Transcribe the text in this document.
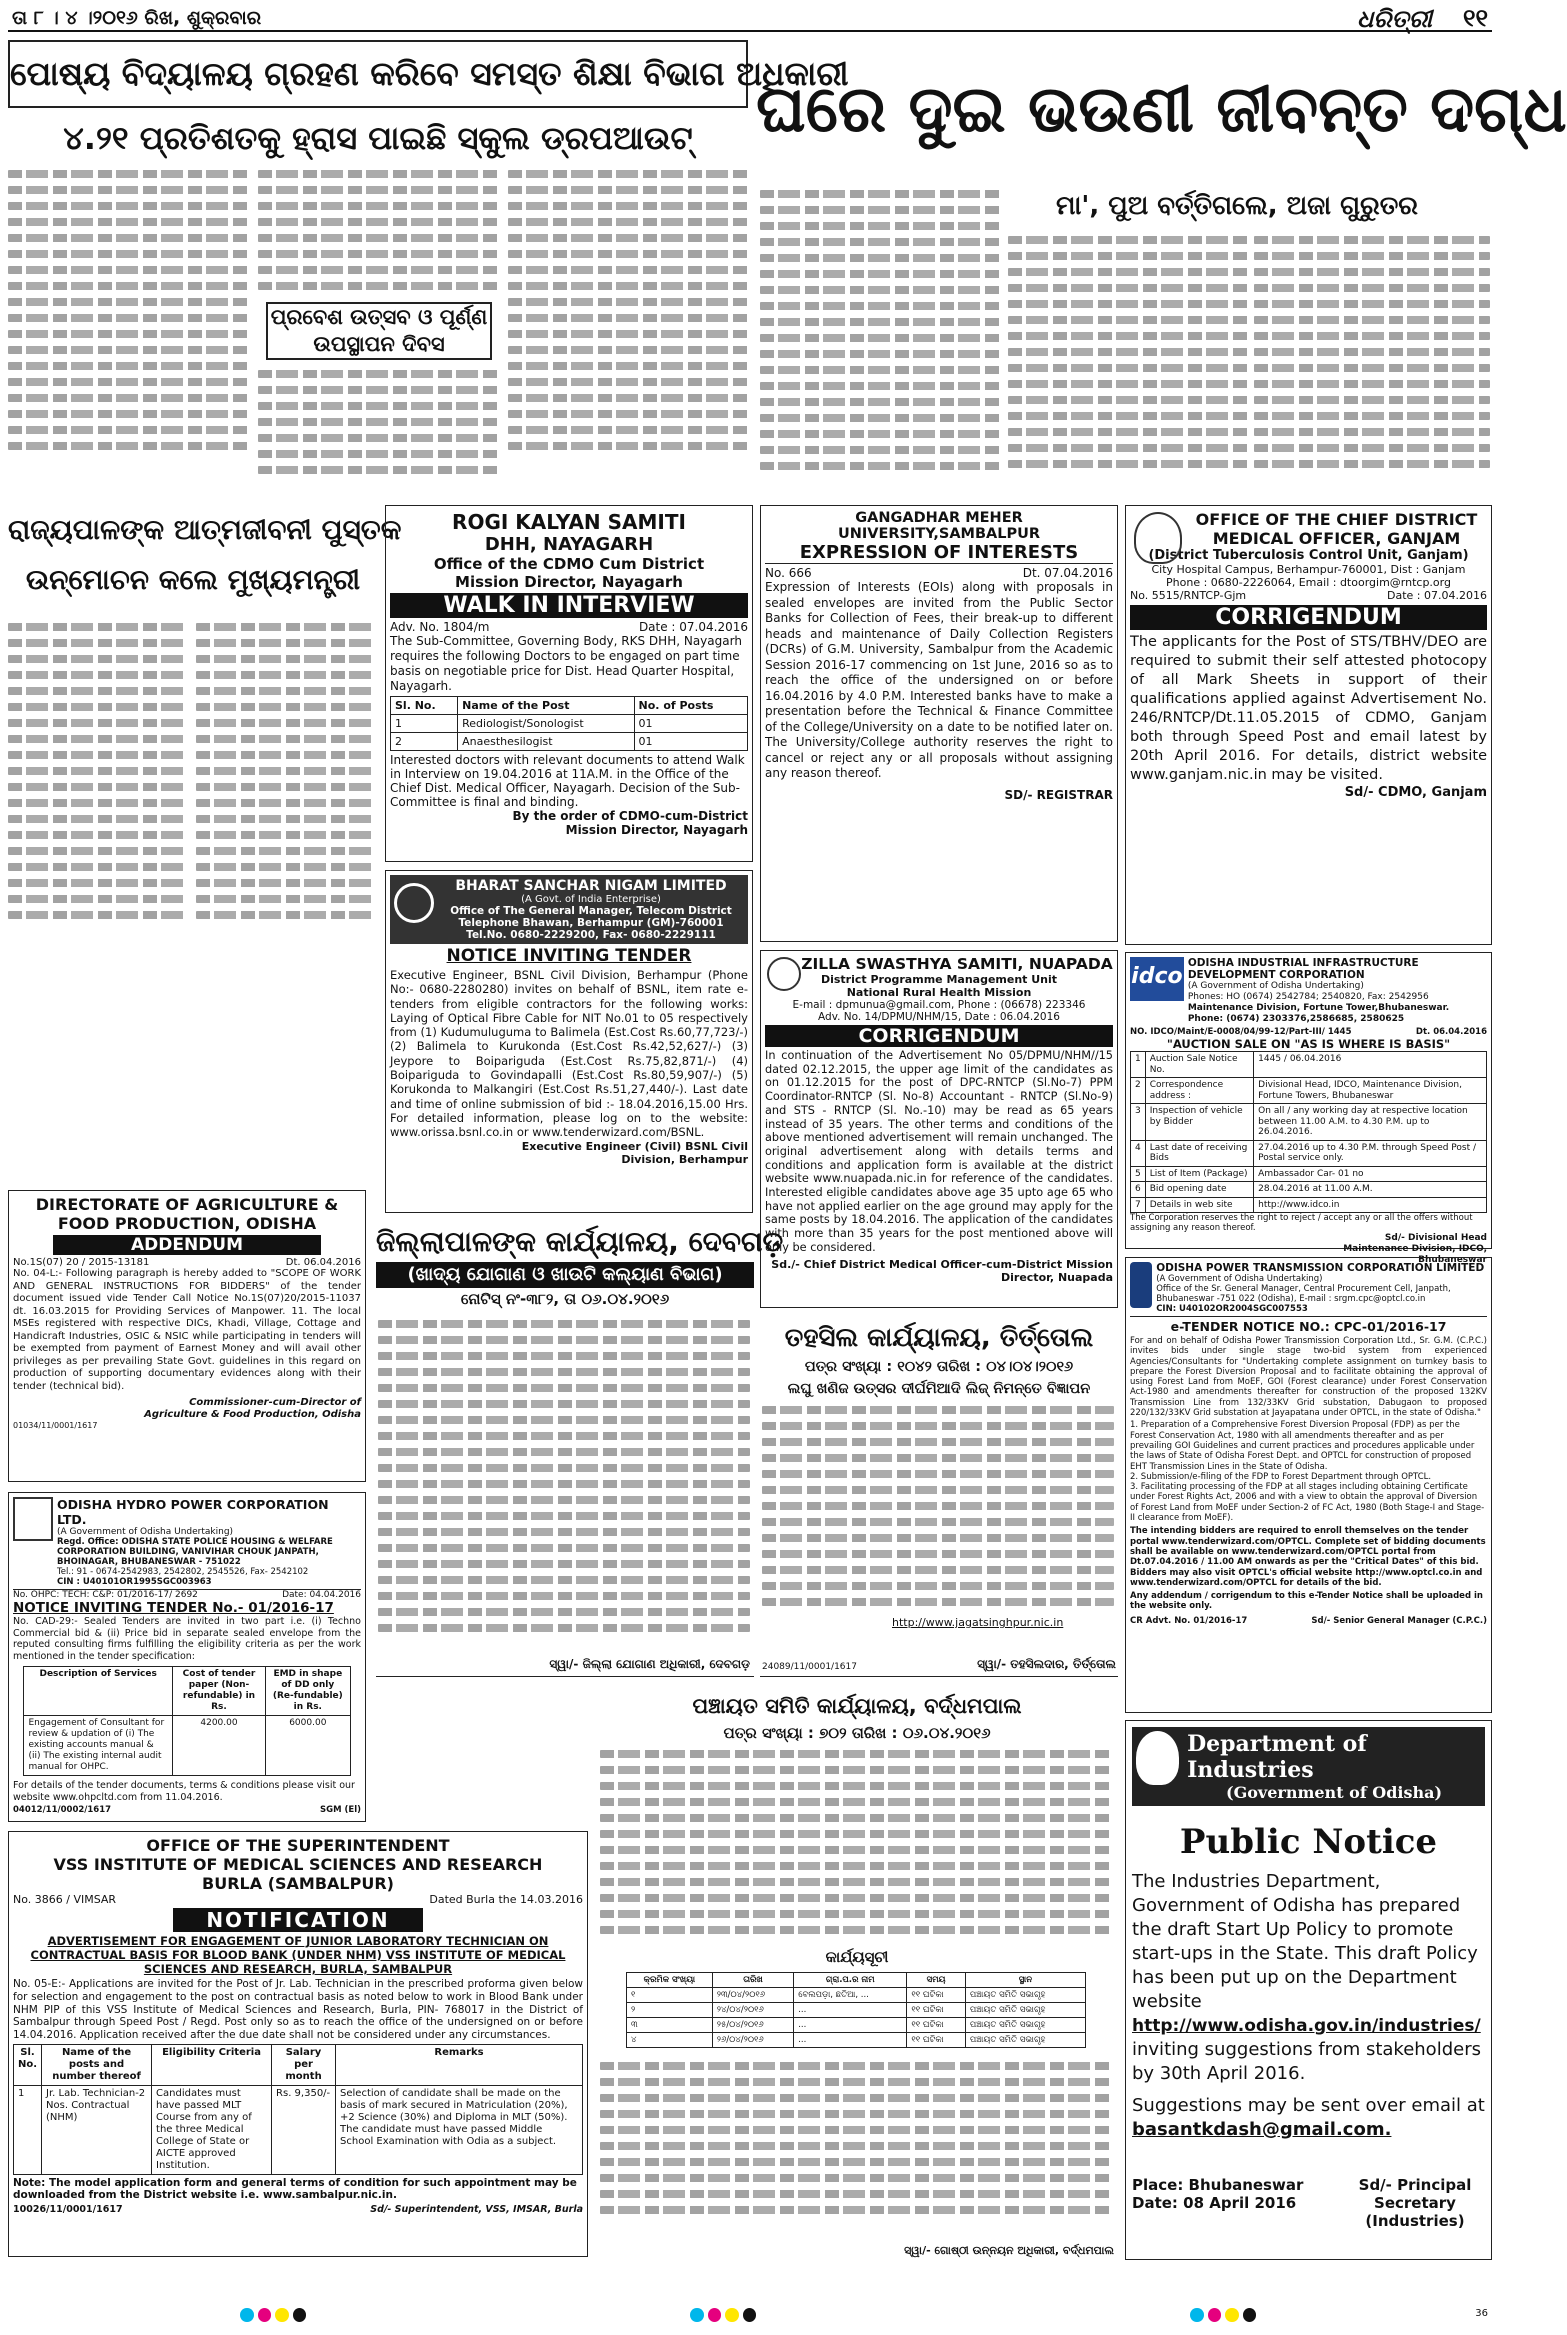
ତା ୮ । ୪ ।୨୦୧୬ ରିଖ, ଶୁକ୍ରବାର	ଧରିତ୍ରୀ ୧୧
ପୋଷ୍ୟ ବିଦ୍ୟାଳୟ ଗ୍ରହଣ କରିବେ ସମସ୍ତ ଶିକ୍ଷା ବିଭାଗ ଅଧିକାରୀ
୪.୨୧ ପ୍ରତିଶତକୁ ହ୍ରାସ ପାଇଛି ସ୍କୁଲ ଡ୍ରପଆଉଟ୍
ପ୍ରବେଶ ଉତ୍ସବ ଓ ପୂର୍ଣ୍ଣ ଉପସ୍ଥାପନ ଦିବସ
ଘରେ ଦୁଇ ଭଉଣୀ ଜୀବନ୍ତ ଦଗ୍ଧ
ମା', ପୁଅ ବର୍ତ୍ତିଗଲେ, ଅଜା ଗୁରୁତର
ରାଜ୍ୟପାଳଙ୍କ ଆତ୍ମଜୀବନୀ ପୁସ୍ତକ
ଉନ୍ମୋଚନ କଲେ ମୁଖ୍ୟମନ୍ତ୍ରୀ
ROGI KALYAN SAMITI
DHH, NAYAGARH
Office of the CDMO Cum District Mission Director, Nayagarh
WALK IN INTERVIEW
Adv. No. 1804/m	Date : 07.04.2016
The Sub-Committee, Governing Body, RKS DHH, Nayagarh requires the following Doctors to be engaged on part time basis on negotiable price for Dist. Head Quarter Hospital, Nayagarh.
Sl. No.	Name of the Post	No. of Posts
1	Rediologist/Sonologist	01
2	Anaesthesilogist	01
Interested doctors with relevant documents to attend Walk in Interview on 19.04.2016 at 11A.M. in the Office of the Chief Dist. Medical Officer, Nayagarh. Decision of the Sub-Committee is final and binding.
By the order of CDMO-cum-District Mission Director, Nayagarh
GANGADHAR MEHER UNIVERSITY,SAMBALPUR
EXPRESSION OF INTERESTS
No. 666	Dt. 07.04.2016
Expression of Interests (EOIs) along with proposals in sealed envelopes are invited from the Public Sector Banks for Collection of Fees, their break-up to different heads and maintenance of Daily Collection Registers (DCRs) of G.M. University, Sambalpur from the Academic Session 2016-17 commencing on 1st June, 2016 so as to reach the office of the undersigned on or before 16.04.2016 by 4.0 P.M. Interested banks have to make a presentation before the Technical & Finance Committee of the College/University on a date to be notified later on. The University/College authority reserves the right to cancel or reject any or all proposals without assigning any reason thereof.
SD/- REGISTRAR
OFFICE OF THE CHIEF DISTRICT MEDICAL OFFICER, GANJAM
(District Tuberculosis Control Unit, Ganjam)
City Hospital Campus, Berhampur-760001, Dist : Ganjam
Phone : 0680-2226064, Email : dtoorgim@rntcp.org
No. 5515/RNTCP-Gjm	Date : 07.04.2016
CORRIGENDUM
The applicants for the Post of STS/TBHV/DEO are required to submit their self attested photocopy of all Mark Sheets in support of their qualifications applied against Advertisement No. 246/RNTCP/Dt.11.05.2015 of CDMO, Ganjam both through Speed Post and email latest by 20th April 2016. For details, district website www.ganjam.nic.in may be visited.
Sd/- CDMO, Ganjam
BHARAT SANCHAR NIGAM LIMITED
(A Govt. of India Enterprise)
Office of The General Manager, Telecom District
Telephone Bhawan, Berhampur (GM)-760001
Tel.No. 0680-2229200, Fax- 0680-2229111
NOTICE INVITING TENDER
Executive Engineer, BSNL Civil Division, Berhampur (Phone No:- 0680-2280280) invites on behalf of BSNL, item rate e-tenders from eligible contractors for the following works: Laying of Optical Fibre Cable for NIT No.01 to 05 respectively from (1) Kudumuluguma to Balimela (Est.Cost Rs.60,77,723/-) (2) Balimela to Kurukonda (Est.Cost Rs.42,52,627/-) (3) Jeypore to Boipariguda (Est.Cost Rs.75,82,871/-) (4) Boipariguda to Govindapalli (Est.Cost Rs.80,59,907/-) (5) Korukonda to Malkangiri (Est.Cost Rs.51,27,440/-). Last date and time of online submission of bid :- 18.04.2016,15.00 Hrs. For detailed information, please log on to the website: www.orissa.bsnl.co.in or www.tenderwizard.com/BSNL.
Executive Engineer (Civil) BSNL Civil Division, Berhampur
ZILLA SWASTHYA SAMITI, NUAPADA
District Programme Management Unit
National Rural Health Mission
E-mail : dpmunua@gmail.com, Phone : (06678) 223346
Adv. No. 14/DPMU/NHM/15, Date : 06.04.2016
CORRIGENDUM
In continuation of the Advertisement No 05/DPMU/NHM//15 dated 02.12.2015, the upper age limit of the candidates as on 01.12.2015 for the post of DPC-RNTCP (Sl.No-7) PPM Coordinator-RNTCP (Sl. No-8) Accountant - RNTCP (Sl.No-9) and STS - RNTCP (Sl. No.-10) may be read as 65 years instead of 35 years. The other terms and conditions of the above mentioned advertisement will remain unchanged. The original advertisement along with details terms and conditions and application form is available at the district website www.nuapada.nic.in for reference of the candidates. Interested eligible candidates above age 35 upto age 65 who have not applied earlier on the age ground may apply for the same posts by 18.04.2016. The application of the candidates with more than 35 years for the post mentioned above will only be considered.
Sd./- Chief District Medical Officer-cum-District Mission Director, Nuapada
idco
ODISHA INDUSTRIAL INFRASTRUCTURE DEVELOPMENT CORPORATION
(A Government of Odisha Undertaking)
Phones: HO (0674) 2542784; 2540820, Fax: 2542956
Maintenance Division, Fortune Tower,Bhubaneswar.
Phone: (0674) 2303376,2586685, 2580625
NO. IDCO/Maint/E-0008/04/99-12/Part-III/ 1445	Dt. 06.04.2016
"AUCTION SALE ON "AS IS WHERE IS BASIS"
1	Auction Sale Notice No.	1445 / 06.04.2016
2	Correspondence address :	Divisional Head, IDCO, Maintenance Division, Fortune Towers, Bhubaneswar
3	Inspection of vehicle by Bidder	On all / any working day at respective location between 11.00 A.M. to 4.30 P.M. up to 26.04.2016.
4	Last date of receiving Bids	27.04.2016 up to 4.30 P.M. through Speed Post / Postal service only.
5	List of Item (Package)	Ambassador Car- 01 no
6	Bid opening date	28.04.2016 at 11.00 A.M.
7	Details in web site	http://www.idco.in
The Corporation reserves the right to reject / accept any or all the offers without assigning any reason thereof.
Sd/- Divisional Head Maintenance Division, IDCO, Bhubaneswar
DIRECTORATE OF AGRICULTURE & FOOD PRODUCTION, ODISHA
ADDENDUM
No.1S(07) 20 / 2015-13181	Dt. 06.04.2016
No. 04-L:- Following paragraph is hereby added to "SCOPE OF WORK AND GENERAL INSTRUCTIONS FOR BIDDERS" of the tender document issued vide Tender Call Notice No.1S(07)20/2015-11037 dt. 16.03.2015 for Providing Services of Manpower. 11. The local MSEs registered with respective DICs, Khadi, Village, Cottage and Handicraft Industries, OSIC & NSIC while participating in tenders will be exempted from payment of Earnest Money and will avail other privileges as per prevailing State Govt. guidelines in this regard on production of supporting documentary evidences along with their tender (technical bid).
Commissioner-cum-Director of Agriculture & Food Production, Odisha
01034/11/0001/1617
ଜିଲ୍ଲାପାଳଙ୍କ କାର୍ଯ୍ୟାଳୟ, ଦେବଗଡ଼
(ଖାଦ୍ୟ ଯୋଗାଣ ଓ ଖାଉଟି କଲ୍ୟାଣ ବିଭାଗ)
ନୋଟିସ୍ ନଂ-୩୮୨, ତା ୦୬.୦୪.୨୦୧୬
ସ୍ୱା/- ଜିଲ୍ଲା ଯୋଗାଣ ଅଧିକାରୀ, ଦେବଗଡ଼
ତହସିଲ କାର୍ଯ୍ୟାଳୟ, ତିର୍ତ୍ତୋଲ
ପତ୍ର ସଂଖ୍ୟା : ୧୦୪୨ ତାରିଖ : ୦୪।୦୪।୨୦୧୬
ଲଘୁ ଖଣିଜ ଉତ୍ସର ଦୀର୍ଘମିଆଦି ଲିଜ୍ ନିମନ୍ତେ ବିଜ୍ଞାପନ
http://www.jagatsinghpur.nic.in
24089/11/0001/1617	ସ୍ୱା/- ତହସିଲଦାର, ତିର୍ତ୍ତୋଲ
ODISHA POWER TRANSMISSION CORPORATION LIMITED
(A Government of Odisha Undertaking)
Office of the Sr. General Manager, Central Procurement Cell, Janpath, Bhubaneswar -751 022 (Odisha), E-mail : srgm.cpc@optcl.co.in
CIN: U40102OR2004SGC007553
e-TENDER NOTICE NO.: CPC-01/2016-17
For and on behalf of Odisha Power Transmission Corporation Ltd., Sr. G.M. (C.P.C.) invites bids under single stage two-bid system from experienced Agencies/Consultants for "Undertaking complete assignment on turnkey basis to prepare the Forest Diversion Proposal and to facilitate obtaining the approval of using Forest Land from MoEF, GOI (Forest clearance) under Forest Conservation Act-1980 and amendments thereafter for construction of the proposed 132KV Transmission Line from 132/33KV Grid substation, Dabugaon to proposed 220/132/33KV Grid substation at Jayapatana under OPTCL, in the state of Odisha."
1. Preparation of a Comprehensive Forest Diversion Proposal (FDP) as per the Forest Conservation Act, 1980 with all amendments thereafter and as per prevailing GOI Guidelines and current practices and procedures applicable under the laws of State of Odisha Forest Dept. and OPTCL for construction of proposed EHT Transmission Lines in the State of Odisha.
2. Submission/e-filing of the FDP to Forest Department through OPTCL.
3. Facilitating processing of the FDP at all stages including obtaining Certificate under Forest Rights Act, 2006 and with a view to obtain the approval of Diversion of Forest Land from MoEF under Section-2 of FC Act, 1980 (Both Stage-I and Stage-II clearance from MoEF).
The intending bidders are required to enroll themselves on the tender portal www.tenderwizard.com/OPTCL. Complete set of bidding documents shall be available on www.tenderwizard.com/OPTCL portal from Dt.07.04.2016 / 11.00 AM onwards as per the "Critical Dates" of this bid. Bidders may also visit OPTCL's official website http://www.optcl.co.in and www.tenderwizard.com/OPTCL for details of the bid.
Any addendum / corrigendum to this e-Tender Notice shall be uploaded in the website only.
CR Advt. No. 01/2016-17	Sd/- Senior General Manager (C.P.C.)
ODISHA HYDRO POWER CORPORATION LTD.
(A Government of Odisha Undertaking)
Regd. Office: ODISHA STATE POLICE HOUSING & WELFARE CORPORATION BUILDING, VANIVIHAR CHOUK JANPATH, BHOINAGAR, BHUBANESWAR - 751022
Tel.: 91 - 0674-2542983, 2542802, 2545526, Fax- 2542102
CIN : U40101OR1995SGC003963
No. OHPC: TECH: C&P: 01/2016-17/ 2692	Date: 04.04.2016
NOTICE INVITING TENDER No.- 01/2016-17
No. CAD-29:- Sealed Tenders are invited in two part i.e. (i) Techno Commercial bid & (ii) Price bid in separate sealed envelope from the reputed consulting firms fulfilling the eligibility criteria as per the work mentioned in the tender specification:
Description of Services	Cost of tender paper (Non-refundable) in Rs.	EMD in shape of DD only (Re-fundable) in Rs.
Engagement of Consultant for review & updation of (i) The existing accounts manual & (ii) The existing internal audit manual for OHPC.	4200.00	6000.00
For details of the tender documents, terms & conditions please visit our website www.ohpcltd.com from 11.04.2016.
04012/11/0002/1617	SGM (El)
OFFICE OF THE SUPERINTENDENT
VSS INSTITUTE OF MEDICAL SCIENCES AND RESEARCH
BURLA (SAMBALPUR)
No. 3866 / VIMSAR	Dated Burla the 14.03.2016
NOTIFICATION
ADVERTISEMENT FOR ENGAGEMENT OF JUNIOR LABORATORY TECHNICIAN ON CONTRACTUAL BASIS FOR BLOOD BANK (UNDER NHM) VSS INSTITUTE OF MEDICAL SCIENCES AND RESEARCH, BURLA, SAMBALPUR
No. 05-E:- Applications are invited for the Post of Jr. Lab. Technician in the prescribed proforma given below for selection and engagement to the post on contractual basis as noted below to work in Blood Bank under NHM PIP of this VSS Institute of Medical Sciences and Research, Burla, PIN- 768017 in the District of Sambalpur through Speed Post / Regd. Post only so as to reach the office of the undersigned on or before 14.04.2016. Application received after the due date shall not be considered under any circumstances.
Sl. No.	Name of the posts and number thereof	Eligibility Criteria	Salary per month	Remarks
1	Jr. Lab. Technician-2 Nos. Contractual (NHM)	Candidates must have passed MLT Course from any of the three Medical College of State or AICTE approved Institution.	Rs. 9,350/-	Selection of candidate shall be made on the basis of mark secured in Matriculation (20%), +2 Science (30%) and Diploma in MLT (50%). The candidate must have passed Middle School Examination with Odia as a subject.
Note: The model application form and general terms of condition for such appointment may be downloaded from the District website i.e. www.sambalpur.nic.in.
10026/11/0001/1617	Sd/- Superintendent, VSS, IMSAR, Burla
ପଞ୍ଚାୟତ ସମିତି କାର୍ଯ୍ୟାଳୟ, ବର୍ଦ୍ଧମପାଲ
ପତ୍ର ସଂଖ୍ୟା : ୭୦୨ ତାରିଖ : ୦୬.୦୪.୨୦୧୬
କାର୍ଯ୍ୟସୂଚୀ
କ୍ରମିକ ସଂଖ୍ୟା	ତାରିଖ	ଗ୍ରା.ପ.ର ନାମ	ସମୟ	ସ୍ଥାନ
୧	୨୩/୦୪/୨୦୧୬	ବେଲପଡ଼ା, ଛତିଆ, ...	୧୧ ଘଟିକା	ପଞ୍ଚାୟତ ସମିତି ସଭାଗୃହ
୨	୨୪/୦୪/୨୦୧୬	...	୧୧ ଘଟିକା	ପଞ୍ଚାୟତ ସମିତି ସଭାଗୃହ
୩	୨୫/୦୪/୨୦୧୬	...	୧୧ ଘଟିକା	ପଞ୍ଚାୟତ ସମିତି ସଭାଗୃହ
୪	୨୬/୦୪/୨୦୧୬	...	୧୧ ଘଟିକା	ପଞ୍ଚାୟତ ସମିତି ସଭାଗୃହ
ସ୍ୱା/- ଗୋଷ୍ଠୀ ଉନ୍ନୟନ ଅଧିକାରୀ, ବର୍ଦ୍ଧମପାଲ
Department of Industries
(Government of Odisha)
Public Notice
The Industries Department, Government of Odisha has prepared the draft Start Up Policy to promote start-ups in the State. This draft Policy has been put up on the Department website
http://www.odisha.gov.in/industries/
inviting suggestions from stakeholders by 30th April 2016.
Suggestions may be sent over email at
basantkdash@gmail.com.
Place: Bhubaneswar
Date: 08 April 2016
Sd/- Principal Secretary (Industries)
36
